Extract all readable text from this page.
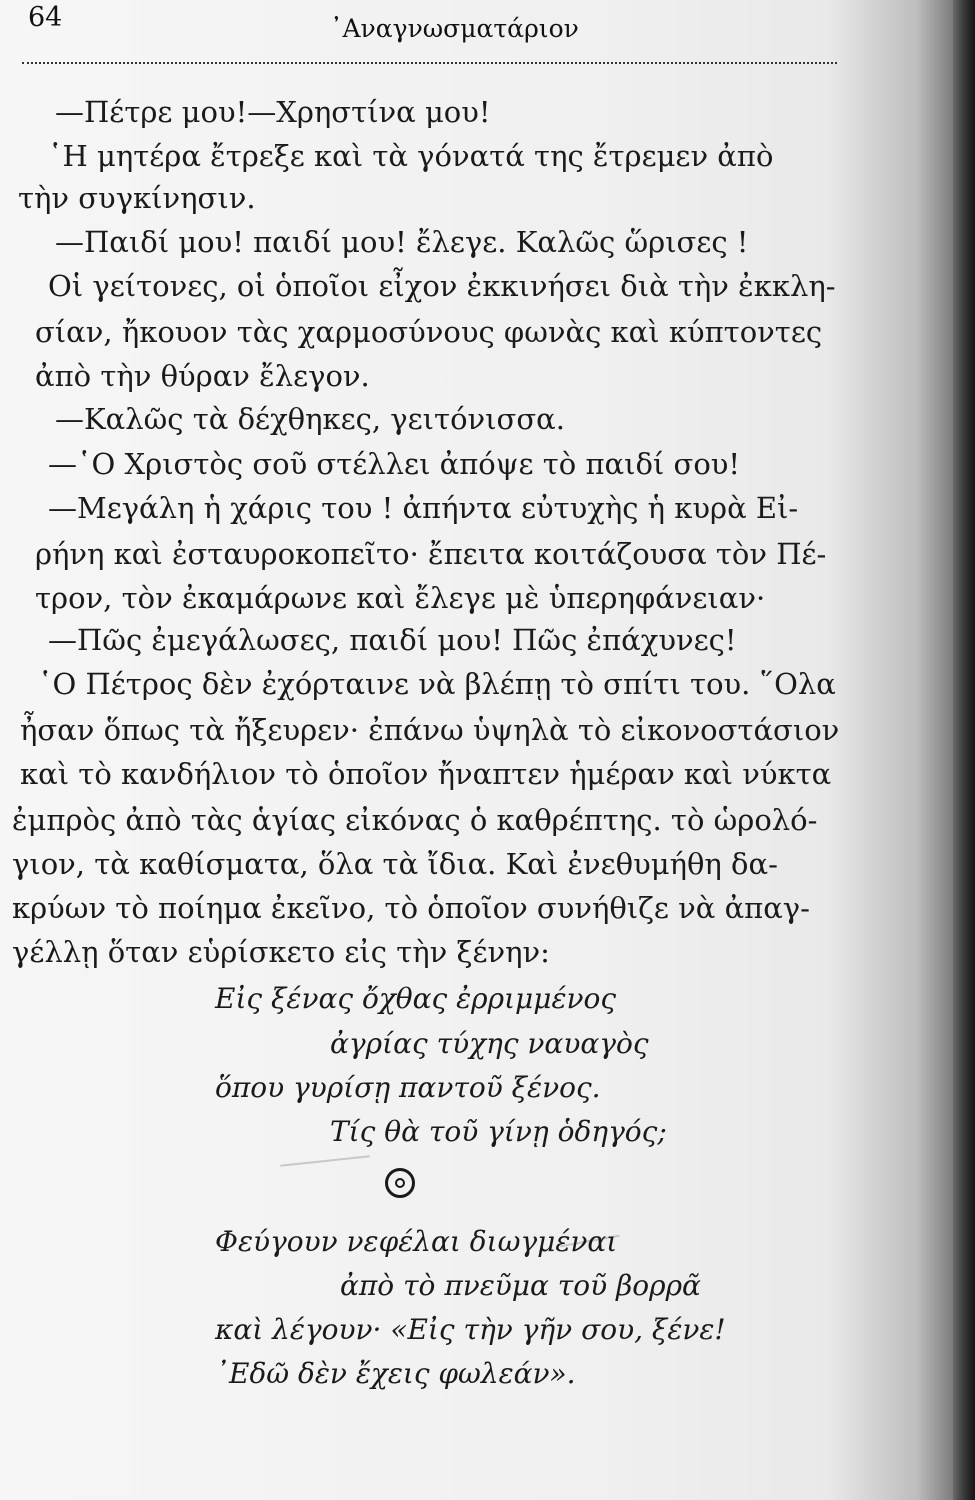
64	᾿Αναγνωσματάριον
—Πέτρε μου!—Χρηστίνα μου!
῾Η μητέρα ἔτρεξε καὶ τὰ γόνατά της ἔτρεμεν ἀπὸ
τὴν συγκίνησιν.
—Παιδί μου! παιδί μου! ἔλεγε. Καλῶς ὥρισες !
Οἱ γείτονες, οἱ ὁποῖοι εἶχον ἐκκινήσει διὰ τὴν ἐκκλη-
σίαν, ἤκουον τὰς χαρμοσύνους φωνὰς καὶ κύπτοντες
ἀπὸ τὴν θύραν ἔλεγον.
—Καλῶς τὰ δέχθηκες, γειτόνισσα.
—῾Ο Χριστὸς σοῦ στέλλει ἀπόψε τὸ παιδί σου!
—Μεγάλη ἡ χάρις του ! ἀπήντα εὐτυχὴς ἡ κυρὰ Εἰ-
ρήνη καὶ ἐσταυροκοπεῖτο· ἔπειτα κοιτάζουσα τὸν Πέ-
τρον, τὸν ἐκαμάρωνε καὶ ἔλεγε μὲ ὑπερηφάνειαν·
—Πῶς ἐμεγάλωσες, παιδί μου! Πῶς ἐπάχυνες!
῾Ο Πέτρος δὲν ἐχόρταινε νὰ βλέπῃ τὸ σπίτι του. ῞Ολα
ἦσαν ὅπως τὰ ἤξευρεν· ἐπάνω ὑψηλὰ τὸ εἰκονοστάσιον
καὶ τὸ κανδήλιον τὸ ὁποῖον ἤναπτεν ἡμέραν καὶ νύκτα
ἐμπρὸς ἀπὸ τὰς ἁγίας εἰκόνας ὁ καθρέπτης. τὸ ὡρολό-
γιον, τὰ καθίσματα, ὅλα τὰ ἴδια. Καὶ ἐνεθυμήθη δα-
κρύων τὸ ποίημα ἐκεῖνο, τὸ ὁποῖον συνήθιζε νὰ ἀπαγ-
γέλλῃ ὅταν εὑρίσκετο εἰς τὴν ξένην:
Εἰς ξένας ὄχθας ἐρριμμένος
ἀγρίας τύχης ναυαγὸς
ὅπου γυρίσῃ παντοῦ ξένος.
Τίς θὰ τοῦ γίνῃ ὁδηγός;
Φεύγουν νεφέλαι διωγμέναι
ἀπὸ τὸ πνεῦμα τοῦ βορρᾶ
καὶ λέγουν· «Εἰς τὴν γῆν σου, ξένε!
᾿Εδῶ δὲν ἔχεις φωλεάν».
